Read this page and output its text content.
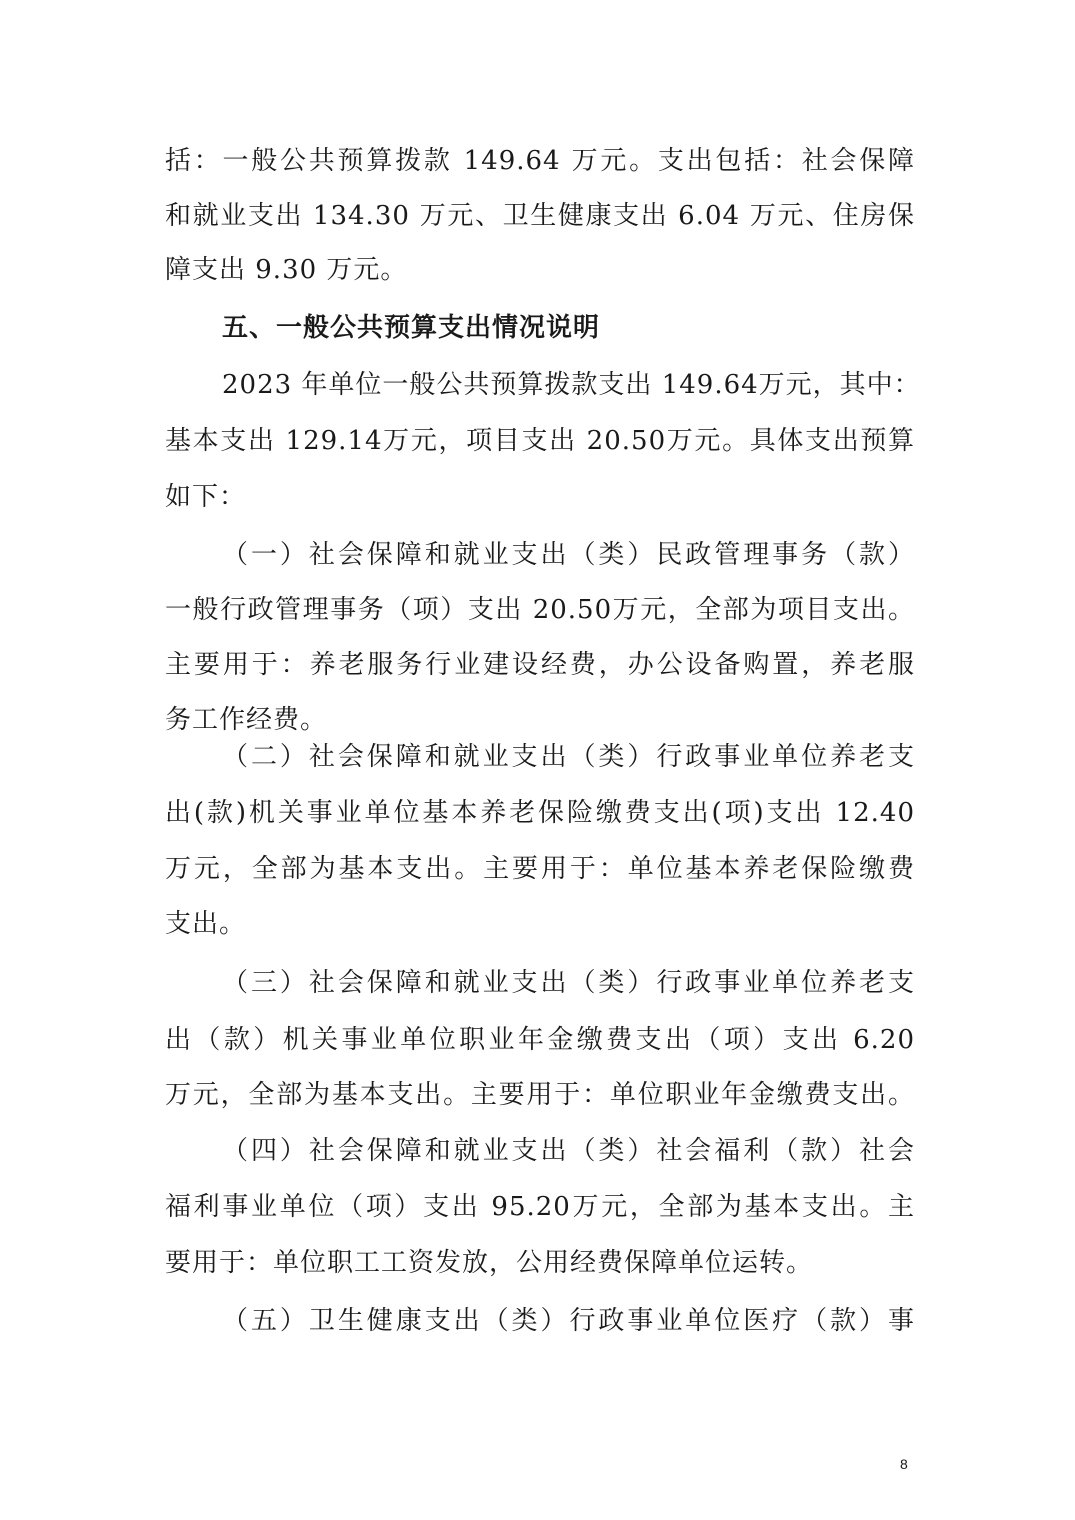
括：一般公共预算拨款 149.64 万元。支出包括：社会保障
和就业支出 134.30 万元、卫生健康支出 6.04 万元、住房保
障支出 9.30 万元。
五、一般公共预算支出情况说明
2023 年单位一般公共预算拨款支出 149.64万元，其中：
基本支出 129.14万元，项目支出 20.50万元。具体支出预算
如下：
（一）社会保障和就业支出（类）民政管理事务（款）
一般行政管理事务（项）支出 20.50万元，全部为项目支出。
主要用于：养老服务行业建设经费，办公设备购置，养老服
务工作经费。
（二）社会保障和就业支出（类）行政事业单位养老支
出(款)机关事业单位基本养老保险缴费支出(项)支出 12.40
万元，全部为基本支出。主要用于：单位基本养老保险缴费
支出。
（三）社会保障和就业支出（类）行政事业单位养老支
出（款）机关事业单位职业年金缴费支出（项）支出 6.20
万元，全部为基本支出。主要用于：单位职业年金缴费支出。
（四）社会保障和就业支出（类）社会福利（款）社会
福利事业单位（项）支出 95.20万元，全部为基本支出。主
要用于：单位职工工资发放，公用经费保障单位运转。
（五）卫生健康支出（类）行政事业单位医疗（款）事
8
